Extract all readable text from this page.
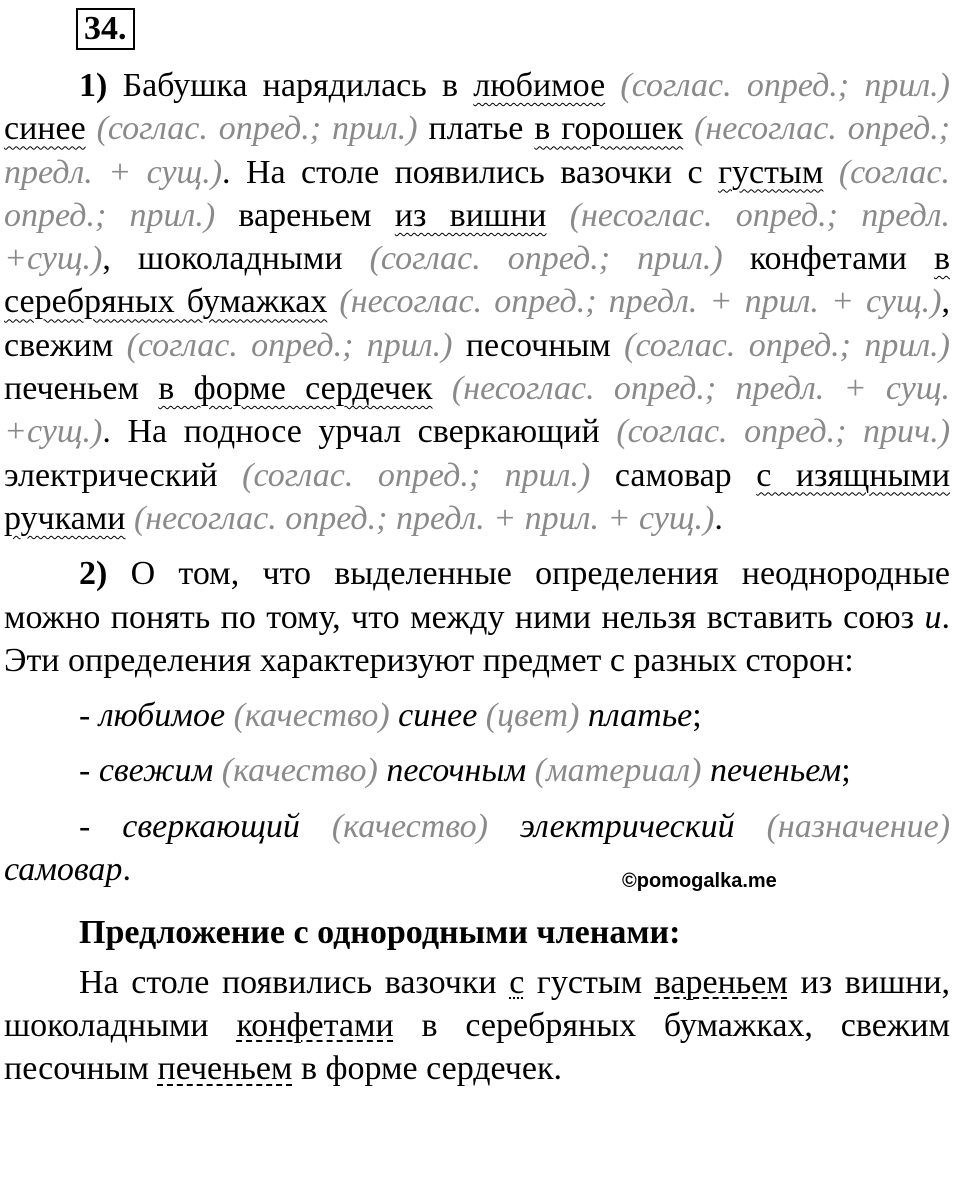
34.

1) Бабушка нарядилась в любимое (соглас. опред.; прил.) синее (соглас. опред.; прил.) платье в горошек (несоглас. опред.; предл. + сущ.). На столе появились вазочки с густым (соглас. опред.; прил.) вареньем из вишни (несоглас. опред.; предл. +сущ.), шоколадными (соглас. опред.; прил.) конфетами в серебряных бумажках (несоглас. опред.; предл. + прил. + сущ.), свежим (соглас. опред.; прил.) песочным (соглас. опред.; прил.) печеньем в форме сердечек (несоглас. опред.; предл. + сущ. +сущ.). На подносе урчал сверкающий (соглас. опред.; прич.) электрический (соглас. опред.; прил.) самовар с изящными ручками (несоглас. опред.; предл. + прил. + сущ.).

2) О том, что выделенные определения неоднородные можно понять по тому, что между ними нельзя вставить союз и. Эти определения характеризуют предмет с разных сторон:

- любимое (качество) синее (цвет) платье;

- свежим (качество) песочным (материал) печеньем;

- сверкающий (качество) электрический (назначение) самовар.

Предложение с однородными членами:

На столе появились вазочки с густым вареньем из вишни, шоколадными конфетами в серебряных бумажках, свежим песочным печеньем в форме сердечек.

©pomogalka.me
